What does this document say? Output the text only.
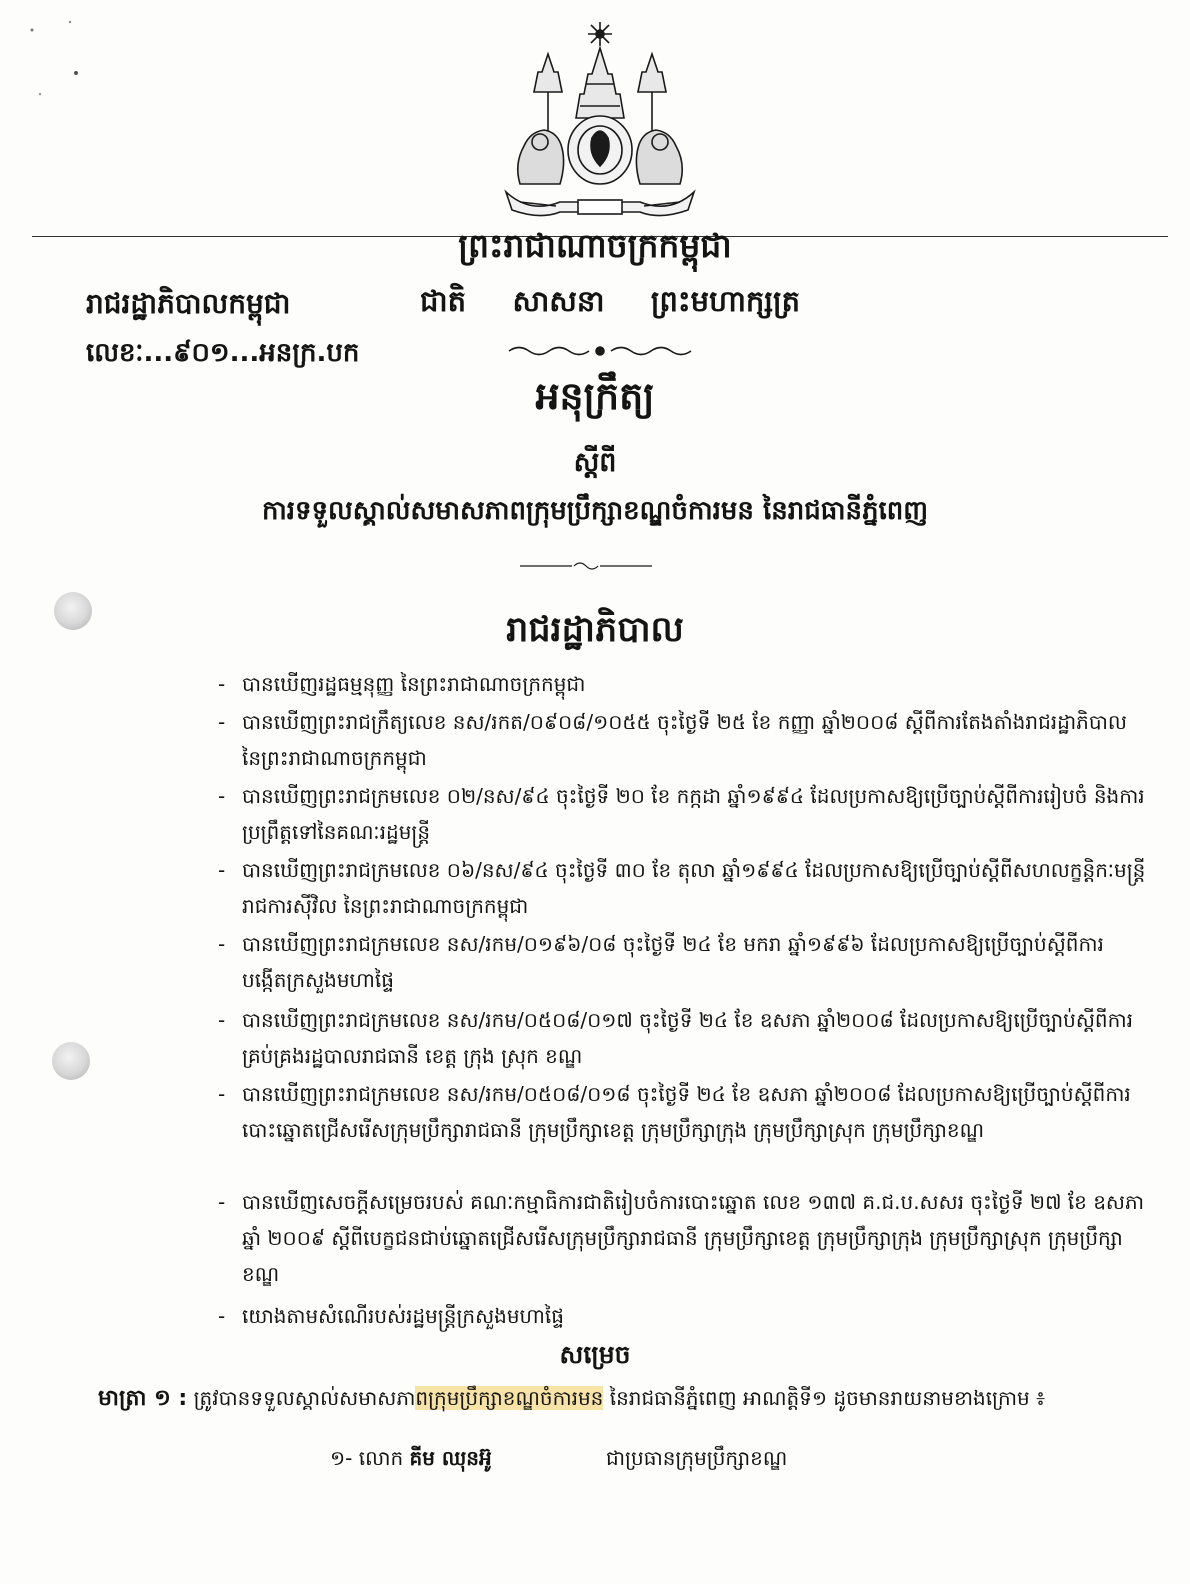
ព្រះរាជាណាចក្រកម្ពុជា
រាជរដ្ឋាភិបាលកម្ពុជា	ជាតិ សាសនា ព្រះមហាក្សត្រ
លេខៈ...៩០១...អនក្រ.បក
អនុក្រឹត្យ
ស្តីពី
ការទទួលស្គាល់សមាសភាពក្រុមប្រឹក្សាខណ្ឌចំការមន នៃរាជធានីភ្នំពេញ
រាជរដ្ឋាភិបាល
- បានឃើញរដ្ឋធម្មនុញ្ញ នៃព្រះរាជាណាចក្រកម្ពុជា
- បានឃើញព្រះរាជក្រឹត្យលេខ នស/រកត/០៩០៨/១០៥៥ ចុះថ្ងៃទី ២៥ ខែ កញ្ញា ឆ្នាំ២០០៨ ស្តីពីការតែងតាំងរាជរដ្ឋាភិបាល នៃព្រះរាជាណាចក្រកម្ពុជា
- បានឃើញព្រះរាជក្រមលេខ ០២/នស/៩៤ ចុះថ្ងៃទី ២០ ខែ កក្កដា ឆ្នាំ១៩៩៤ ដែលប្រកាសឱ្យប្រើច្បាប់ស្តីពីការរៀបចំ និងការប្រព្រឹត្តទៅនៃគណៈរដ្ឋមន្ត្រី
- បានឃើញព្រះរាជក្រមលេខ ០៦/នស/៩៤ ចុះថ្ងៃទី ៣០ ខែ តុលា ឆ្នាំ១៩៩៤ ដែលប្រកាសឱ្យប្រើច្បាប់ស្តីពីសហលក្ខន្តិកៈមន្ត្រីរាជការស៊ីវិល នៃព្រះរាជាណាចក្រកម្ពុជា
- បានឃើញព្រះរាជក្រមលេខ នស/រកម/០១៩៦/០៨ ចុះថ្ងៃទី ២៤ ខែ មករា ឆ្នាំ១៩៩៦ ដែលប្រកាសឱ្យប្រើច្បាប់ស្តីពីការបង្កើតក្រសួងមហាផ្ទៃ
- បានឃើញព្រះរាជក្រមលេខ នស/រកម/០៥០៨/០១៧ ចុះថ្ងៃទី ២៤ ខែ ឧសភា ឆ្នាំ២០០៨ ដែលប្រកាសឱ្យប្រើច្បាប់ស្តីពីការគ្រប់គ្រងរដ្ឋបាលរាជធានី ខេត្ត ក្រុង ស្រុក ខណ្ឌ
- បានឃើញព្រះរាជក្រមលេខ នស/រកម/០៥០៨/០១៨ ចុះថ្ងៃទី ២៤ ខែ ឧសភា ឆ្នាំ២០០៨ ដែលប្រកាសឱ្យប្រើច្បាប់ស្តីពីការបោះឆ្នោតជ្រើសរើសក្រុមប្រឹក្សារាជធានី ក្រុមប្រឹក្សាខេត្ត ក្រុមប្រឹក្សាក្រុង ក្រុមប្រឹក្សាស្រុក ក្រុមប្រឹក្សាខណ្ឌ
- បានឃើញសេចក្តីសម្រេចរបស់ គណៈកម្មាធិការជាតិរៀបចំការបោះឆ្នោត លេខ ១៣៧ គ.ជ.ប.សសរ ចុះថ្ងៃទី ២៧ ខែ ឧសភា ឆ្នាំ ២០០៩ ស្តីពីបេក្ខជនជាប់ឆ្នោតជ្រើសរើសក្រុមប្រឹក្សារាជធានី ក្រុមប្រឹក្សាខេត្ត ក្រុមប្រឹក្សាក្រុង ក្រុមប្រឹក្សាស្រុក ក្រុមប្រឹក្សាខណ្ឌ
- យោងតាមសំណើរបស់រដ្ឋមន្ត្រីក្រសួងមហាផ្ទៃ
សម្រេច
មាត្រា ១ : ត្រូវបានទទួលស្គាល់សមាសភាពក្រុមប្រឹក្សាខណ្ឌចំការមន នៃរាជធានីភ្នំពេញ អាណត្តិទី១ ដូចមានរាយនាមខាងក្រោម ៖
១- លោក គីម ឈុនអ៊ូ	ជាប្រធានក្រុមប្រឹក្សាខណ្ឌ
